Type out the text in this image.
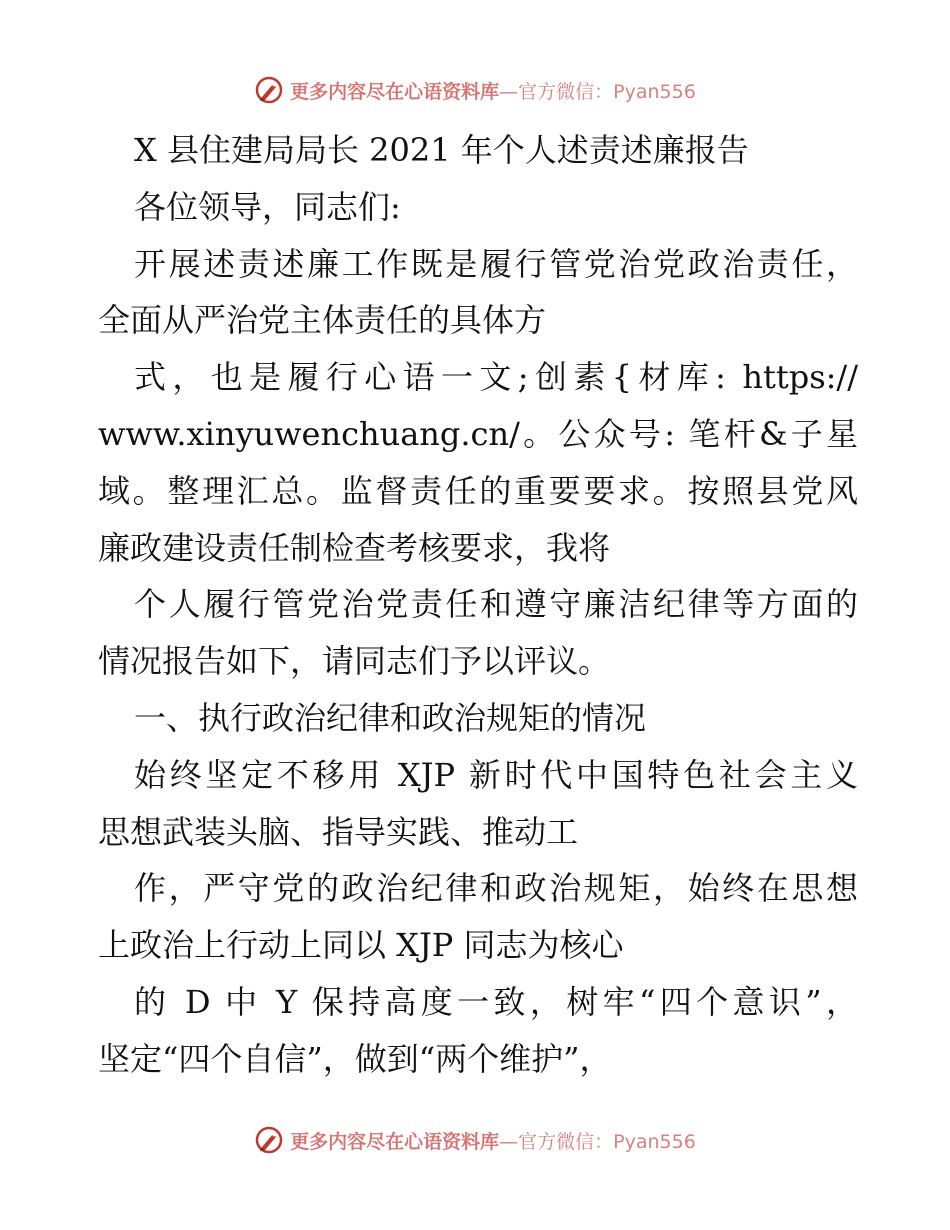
更多内容尽在心语资料库—官方微信：Pyan556
X 县住建局局长 2021 年个人述责述廉报告
各位领导，同志们:
开展述责述廉工作既是履行管党治党政治责任，
全面从严治党主体责任的具体方
式，也是履行心语一文;创素{材库: https://
www.xinyuwenchuang.cn/。公众号: 笔杆&子星
域。整理汇总。监督责任的重要要求。按照县党风
廉政建设责任制检查考核要求，我将
个人履行管党治党责任和遵守廉洁纪律等方面的
情况报告如下，请同志们予以评议。
一、执行政治纪律和政治规矩的情况
始终坚定不移用 XJP 新时代中国特色社会主义
思想武装头脑、指导实践、推动工
作，严守党的政治纪律和政治规矩，始终在思想
上政治上行动上同以 XJP 同志为核心
的 D 中 Y 保持高度一致，树牢“四个意识”，
坚定“四个自信”，做到“两个维护”，
更多内容尽在心语资料库—官方微信：Pyan556
